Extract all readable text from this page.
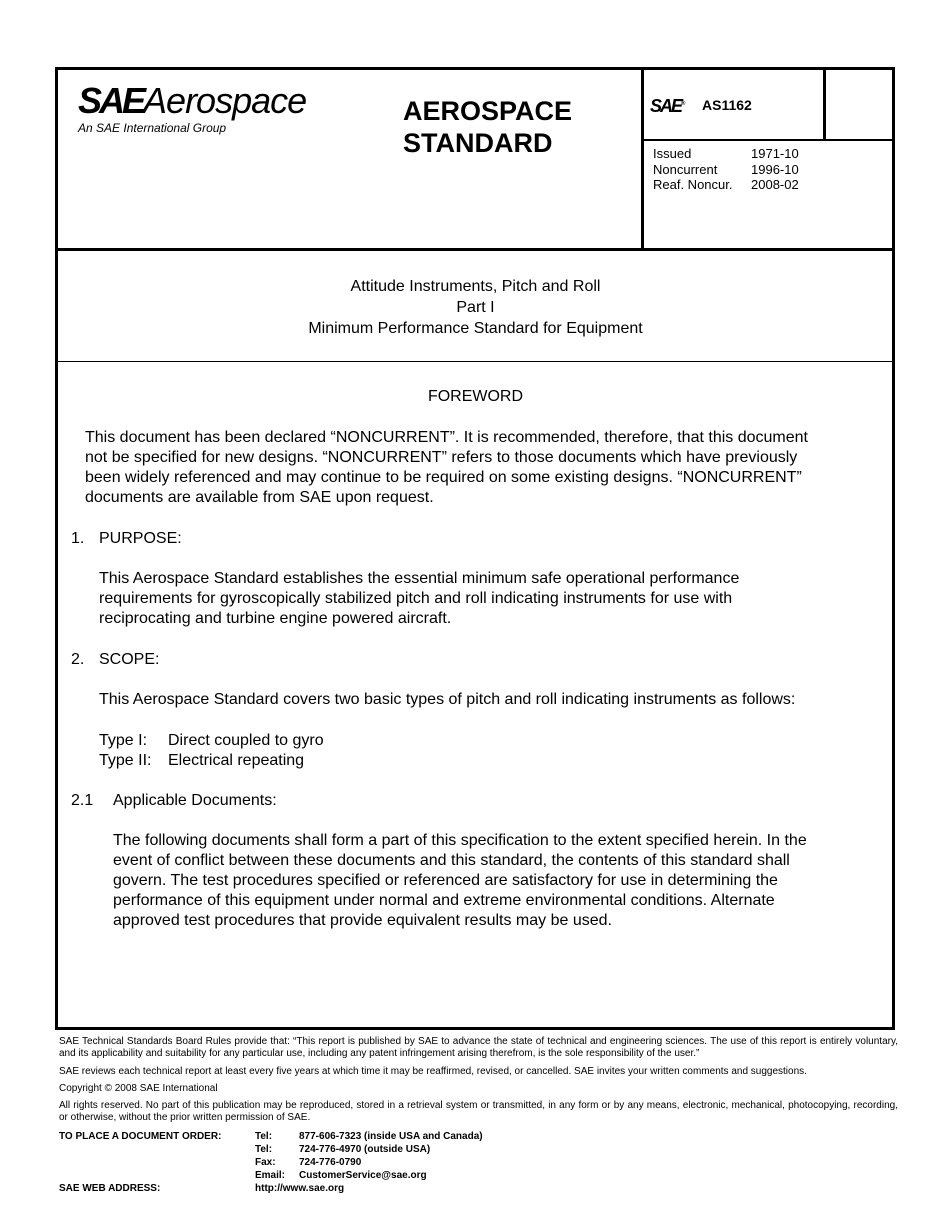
SAEAerospace
An SAE International Group
AEROSPACE
STANDARD
SAE® AS1162
Issued	1971-10
Noncurrent	1996-10
Reaf. Noncur. 2008-02
Attitude Instruments, Pitch and Roll
Part I
Minimum Performance Standard for Equipment
FOREWORD
This document has been declared “NONCURRENT”. It is recommended, therefore, that this document
not be specified for new designs. “NONCURRENT” refers to those documents which have previously
been widely referenced and may continue to be required on some existing designs. “NONCURRENT”
documents are available from SAE upon request.
1. PURPOSE:
This Aerospace Standard establishes the essential minimum safe operational performance
requirements for gyroscopically stabilized pitch and roll indicating instruments for use with
reciprocating and turbine engine powered aircraft.
2. SCOPE:
This Aerospace Standard covers two basic types of pitch and roll indicating instruments as follows:
Type I: Direct coupled to gyro
Type II: Electrical repeating
2.1 Applicable Documents:
The following documents shall form a part of this specification to the extent specified herein. In the
event of conflict between these documents and this standard, the contents of this standard shall
govern. The test procedures specified or referenced are satisfactory for use in determining the
performance of this equipment under normal and extreme environmental conditions. Alternate
approved test procedures that provide equivalent results may be used.
SAE Technical Standards Board Rules provide that: “This report is published by SAE to advance the state of technical and engineering sciences. The use of this report is entirely voluntary, and its applicability and suitability for any particular use, including any patent infringement arising therefrom, is the sole responsibility of the user.”
SAE reviews each technical report at least every five years at which time it may be reaffirmed, revised, or cancelled. SAE invites your written comments and suggestions.
Copyright © 2008 SAE International
All rights reserved. No part of this publication may be reproduced, stored in a retrieval system or transmitted, in any form or by any means, electronic, mechanical, photocopying, recording, or otherwise, without the prior written permission of SAE.
TO PLACE A DOCUMENT ORDER:	Tel:	877-606-7323 (inside USA and Canada)
Tel:	724-776-4970 (outside USA)
Fax: 724-776-0790
Email: CustomerService@sae.org
SAE WEB ADDRESS:	http://www.sae.org
